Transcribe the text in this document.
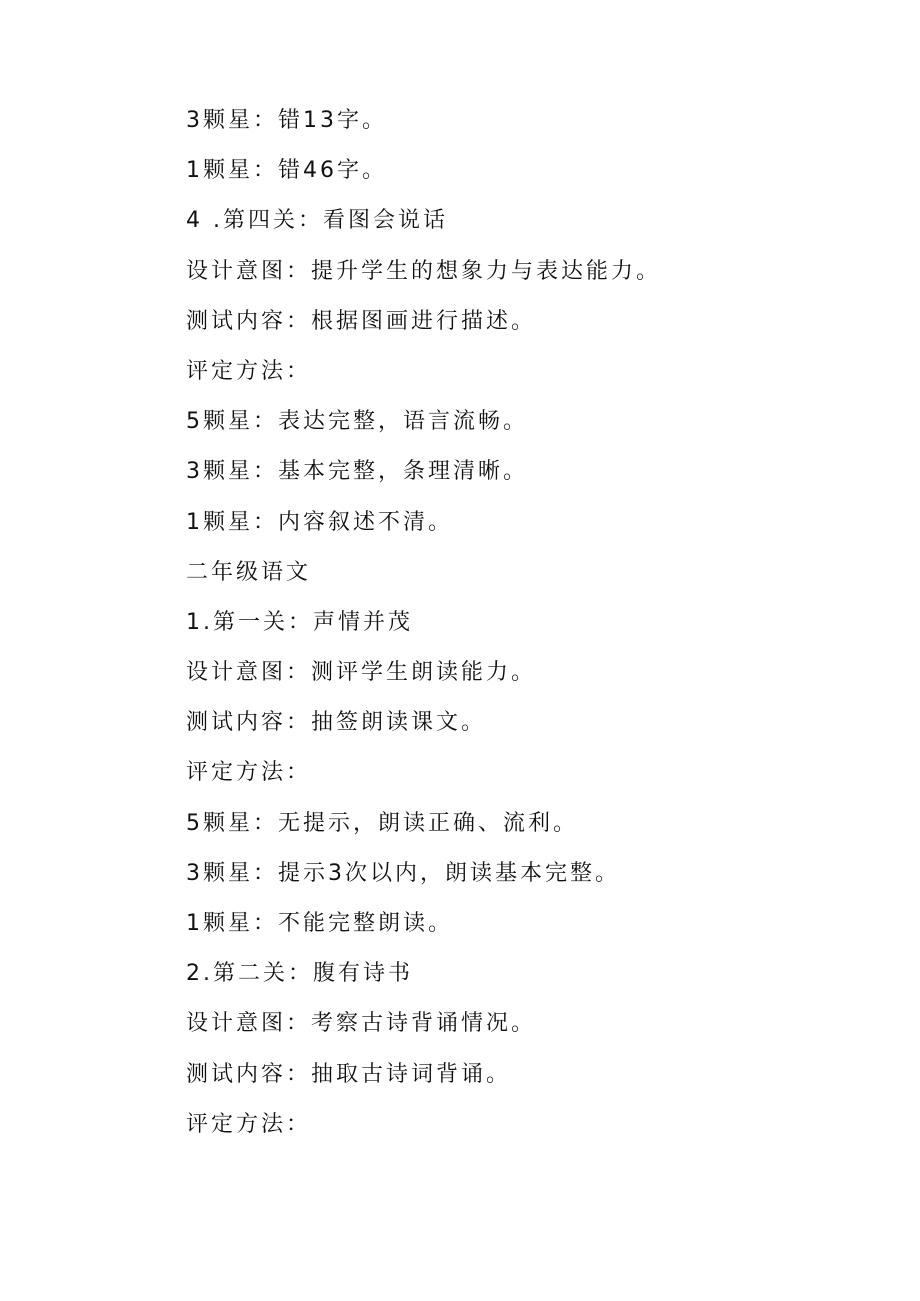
3颗星：错13字。
1颗星：错46字。
4 .第四关：看图会说话
设计意图：提升学生的想象力与表达能力。
测试内容：根据图画进行描述。
评定方法：
5颗星：表达完整，语言流畅。
3颗星：基本完整，条理清晰。
1颗星：内容叙述不清。
二年级语文
1.第一关：声情并茂
设计意图：测评学生朗读能力。
测试内容：抽签朗读课文。
评定方法：
5颗星：无提示，朗读正确、流利。
3颗星：提示3次以内，朗读基本完整。
1颗星：不能完整朗读。
2.第二关：腹有诗书
设计意图：考察古诗背诵情况。
测试内容：抽取古诗词背诵。
评定方法：
